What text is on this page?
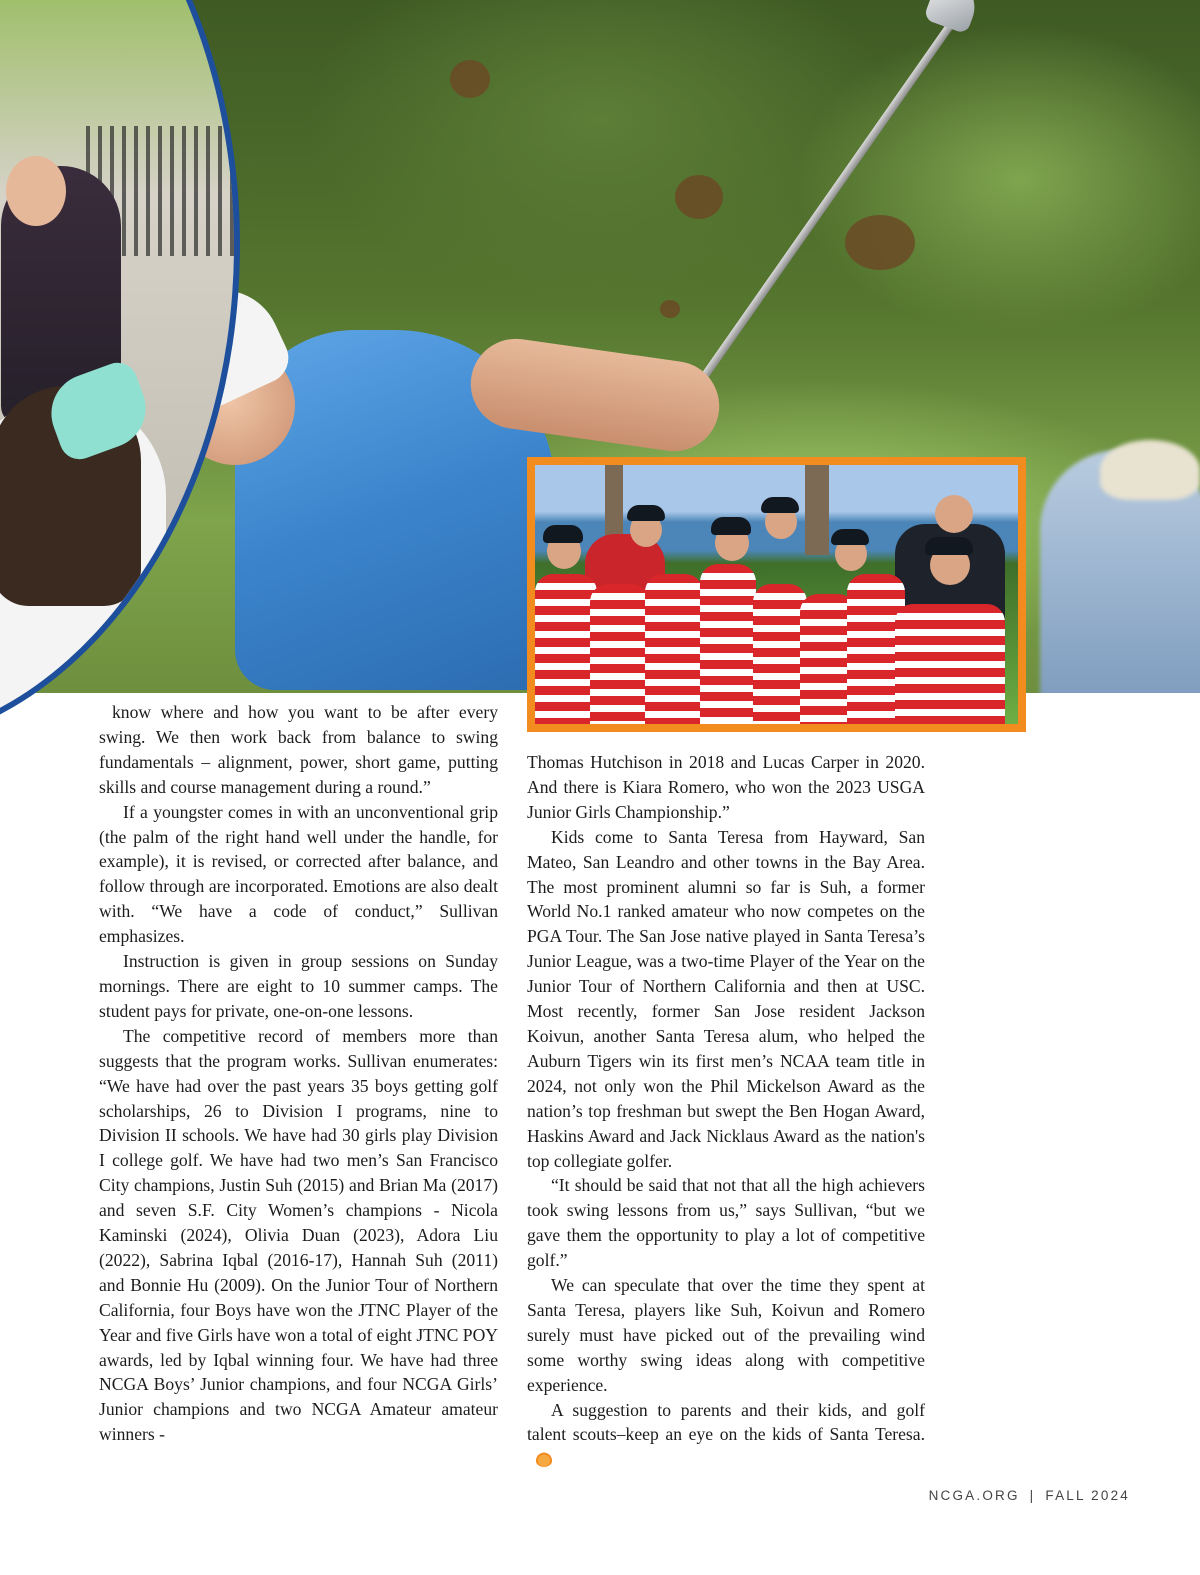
know where and how you want to be after every swing. We then work back from balance to swing fundamentals – alignment, power, short game, putting skills and course management during a round.”

If a youngster comes in with an unconventional grip (the palm of the right hand well under the handle, for example), it is revised, or corrected after balance, and follow through are incorporated. Emotions are also dealt with. “We have a code of conduct,” Sullivan emphasizes.

Instruction is given in group sessions on Sunday mornings. There are eight to 10 summer camps. The student pays for private, one-on-one lessons.

The competitive record of members more than suggests that the program works. Sullivan enumerates: “We have had over the past years 35 boys getting golf scholarships, 26 to Division I programs, nine to Division II schools. We have had 30 girls play Division I college golf. We have had two men’s San Francisco City champions, Justin Suh (2015) and Brian Ma (2017) and seven S.F. City Women’s champions - Nicola Kaminski (2024), Olivia Duan (2023), Adora Liu (2022), Sabrina Iqbal (2016-17), Hannah Suh (2011) and Bonnie Hu (2009). On the Junior Tour of Northern California, four Boys have won the JTNC Player of the Year and five Girls have won a total of eight JTNC POY awards, led by Iqbal winning four. We have had three NCGA Boys’ Junior champions, and four NCGA Girls’ Junior champions and two NCGA Amateur amateur winners -

Thomas Hutchison in 2018 and Lucas Carper in 2020. And there is Kiara Romero, who won the 2023 USGA Junior Girls Championship.”

Kids come to Santa Teresa from Hayward, San Mateo, San Leandro and other towns in the Bay Area. The most prominent alumni so far is Suh, a former World No.1 ranked amateur who now competes on the PGA Tour. The San Jose native played in Santa Teresa’s Junior League, was a two-time Player of the Year on the Junior Tour of Northern California and then at USC. Most recently, former San Jose resident Jackson Koivun, another Santa Teresa alum, who helped the Auburn Tigers win its first men’s NCAA team title in 2024, not only won the Phil Mickelson Award as the nation’s top freshman but swept the Ben Hogan Award, Haskins Award and Jack Nicklaus Award as the nation's top collegiate golfer.

“It should be said that not that all the high achievers took swing lessons from us,” says Sullivan, “but we gave them the opportunity to play a lot of competitive golf.”

We can speculate that over the time they spent at Santa Teresa, players like Suh, Koivun and Romero surely must have picked out of the prevailing wind some worthy swing ideas along with competitive experience.

A suggestion to parents and their kids, and golf talent scouts–keep an eye on the kids of Santa Teresa.

NCGA.ORG | FALL 2024
